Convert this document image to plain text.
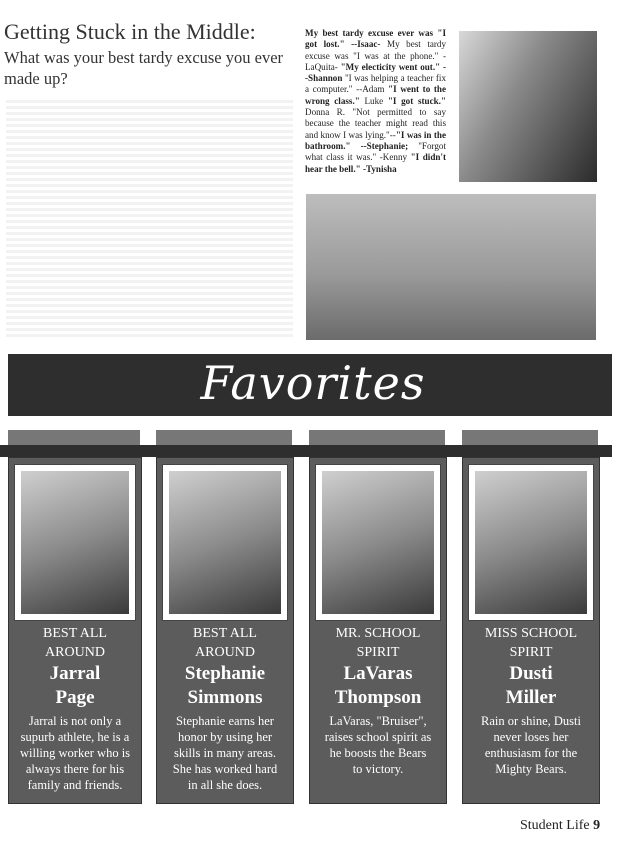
Getting Stuck in the Middle:
What was your best tardy excuse you ever made up?

My best tardy excuse ever was "I got lost." --Isaac- My best tardy excuse was "I was at the phone." -LaQuita- "My electicity went out." --Shannon "I was helping a teacher fix a computer." --Adam "I went to the wrong class." Luke "I got stuck." Donna R. "Not permitted to say because the teacher might read this and know I was lying."--"I was in the bathroom." --Stephanie; "Forgot what class it was." -Kenny "I didn't hear the bell." -Tynisha

Favorites
BEST ALL
AROUND
Jarral
Page
Jarral is not only a supurb athlete, he is a willing worker who is always there for his family and friends.
BEST ALL
AROUND
Stephanie
Simmons
Stephanie earns her honor by using her skills in many areas. She has worked hard in all she does.
MR. SCHOOL
SPIRIT
LaVaras
Thompson
LaVaras, "Bruiser", raises school spirit as he boosts the Bears to victory.
MISS SCHOOL
SPIRIT
Dusti
Miller
Rain or shine, Dusti never loses her enthusiasm for the Mighty Bears.
Student Life 9
